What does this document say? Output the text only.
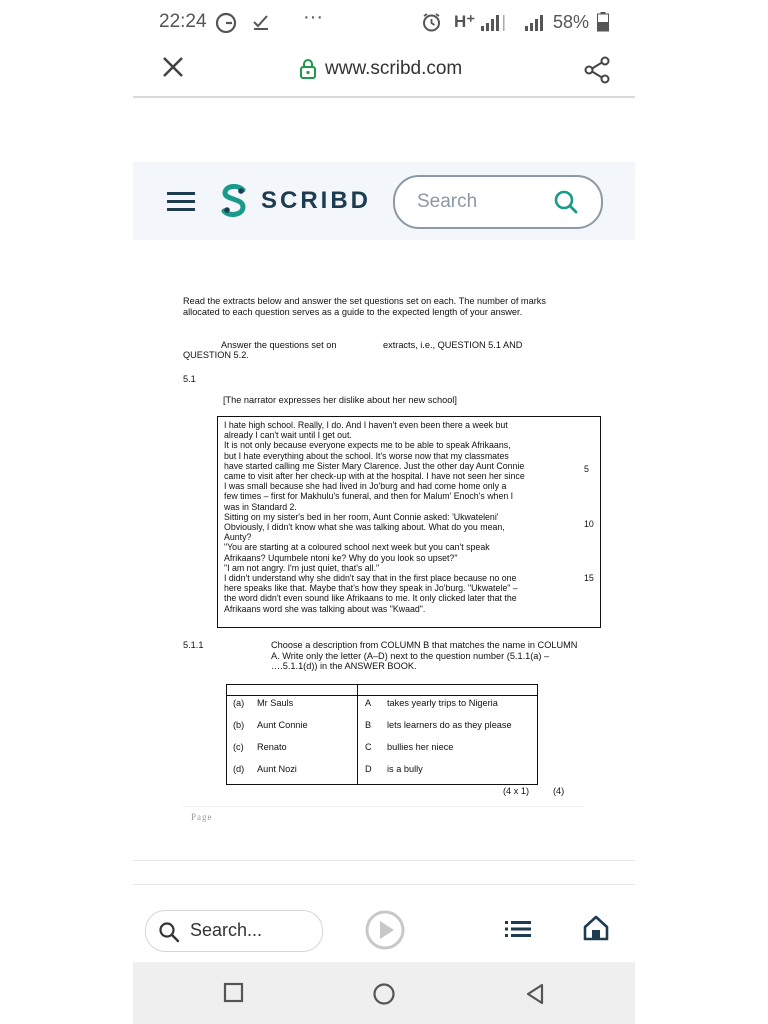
22:24	···	H⁺	58%
www.scribd.com
SCRIBD Search
Read the extracts below and answer the set questions set on each. The number of marks allocated to each question serves as a guide to the expected length of your answer.
Answer the questions set on	extracts, i.e., QUESTION 5.1 AND
QUESTION 5.2.
5.1
[The narrator expresses her dislike about her new school]
I hate high school. Really, I do. And I haven't even been there a week but
already I can't wait until I get out.
It is not only because everyone expects me to be able to speak Afrikaans,
but I hate everything about the school. It's worse now that my classmates
have started calling me Sister Mary Clarence. Just the other day Aunt Connie
came to visit after her check-up with at the hospital. I have not seen her since
I was small because she had lived in Jo'burg and had come home only a
few times – first for Makhulu's funeral, and then for Malum' Enoch's when I
was in Standard 2.
Sitting on my sister's bed in her room, Aunt Connie asked: 'Ukwateleni'
Obviously, I didn't know what she was talking about. What do you mean,
Aunty?
"You are starting at a coloured school next week but you can't speak
Afrikaans? Uqumbele ntoni ke? Why do you look so upset?"
"I am not angry. I'm just quiet, that's all."
I didn't understand why she didn't say that in the first place because no one
here speaks like that. Maybe that's how they speak in Jo'burg. "Ukwatele" –
the word didn't even sound like Afrikaans to me. It only clicked later that the
Afrikaans word she was talking about was "Kwaad".
5
10
15
5.1.1	Choose a description from COLUMN B that matches the name in COLUMN A. Write only the letter (A–D) next to the question number (5.1.1(a) – ….5.1.1(d)) in the ANSWER BOOK.
(a) Mr Sauls	A takes yearly trips to Nigeria
(b) Aunt Connie	B lets learners do as they please
(c) Renato	C bullies her niece
(d) Aunt Nozi	D is a bully
(4 x 1)	(4)
Page
Search...
